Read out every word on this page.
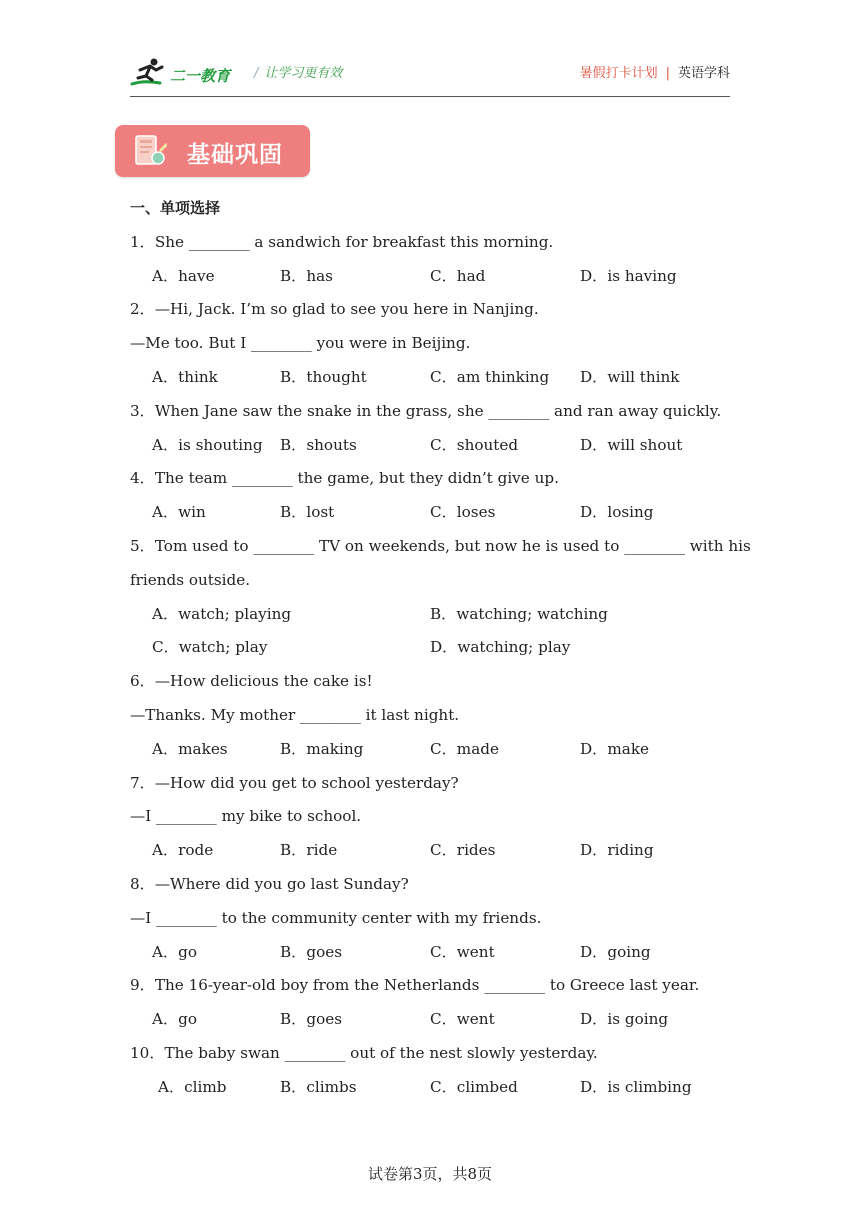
二一教育 / 让学习更有效	暑假打卡计划 | 英语学科
基础巩固
一、单项选择
1．She ________ a sandwich for breakfast this morning.
A．have	B．has	C．had	D．is having
2．—Hi, Jack. I’m so glad to see you here in Nanjing.
—Me too. But I ________ you were in Beijing.
A．think	B．thought	C．am thinking D．will think
3．When Jane saw the snake in the grass, she ________ and ran away quickly.
A．is shouting B．shouts	C．shouted	D．will shout
4．The team ________ the game, but they didn’t give up.
A．win	B．lost	C．loses	D．losing
5．Tom used to ________ TV on weekends, but now he is used to ________ with his
friends outside.
A．watch; playing	B．watching; watching
C．watch; play	D．watching; play
6．—How delicious the cake is!
—Thanks. My mother ________ it last night.
A．makes	B．making	C．made	D．make
7．—How did you get to school yesterday?
—I ________ my bike to school.
A．rode	B．ride	C．rides	D．riding
8．—Where did you go last Sunday?
—I ________ to the community center with my friends.
A．go	B．goes	C．went	D．going
9．The 16-year-old boy from the Netherlands ________ to Greece last year.
A．go	B．goes	C．went	D．is going
10．The baby swan ________ out of the nest slowly yesterday.
A．climb	B．climbs	C．climbed	D．is climbing
试卷第3页，共8页
